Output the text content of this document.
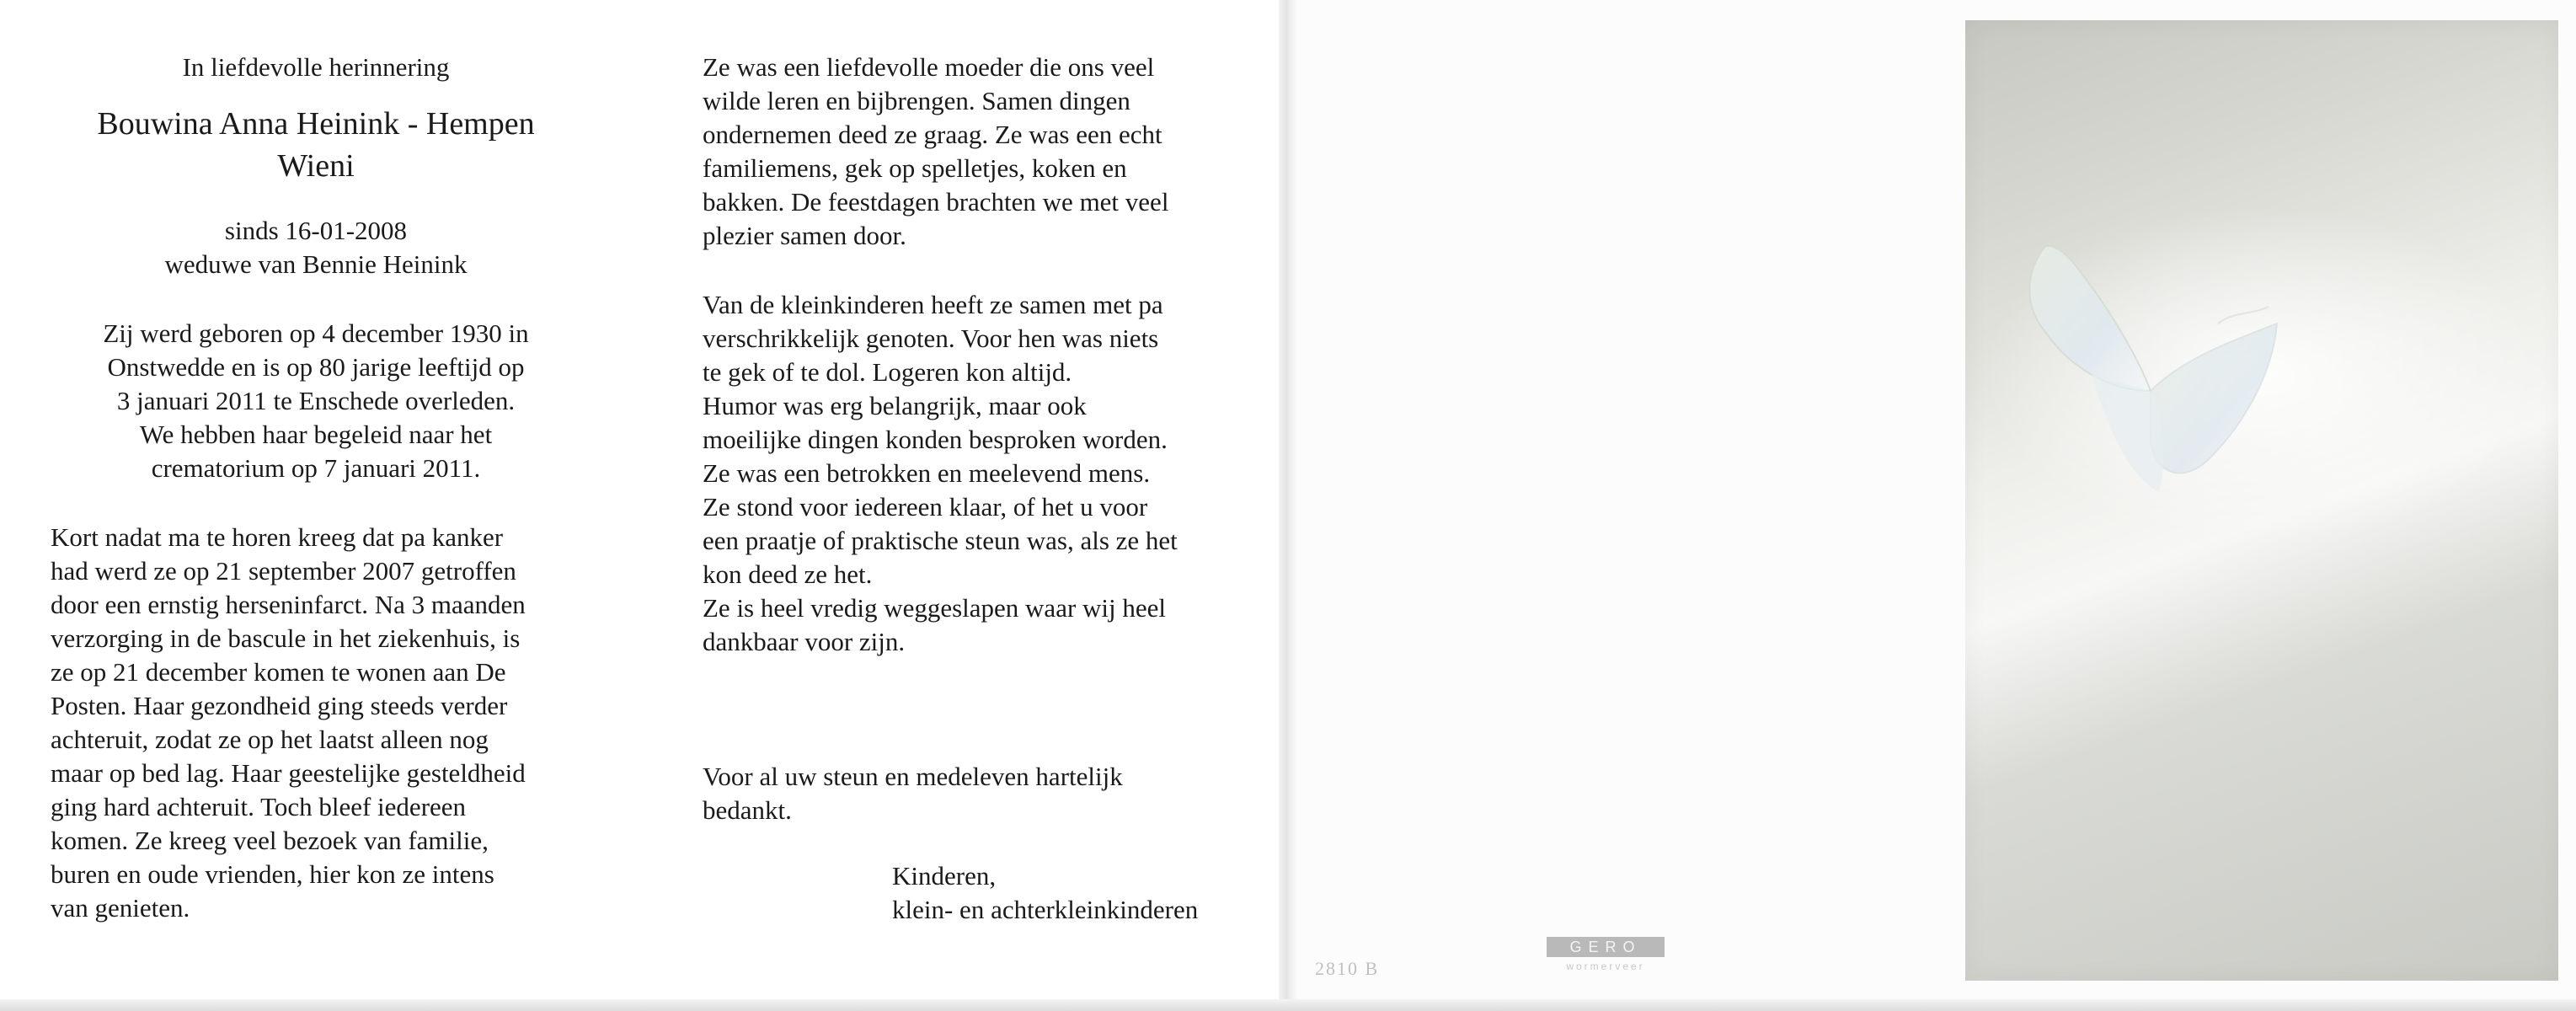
In liefdevolle herinnering
Bouwina Anna Heinink - Hempen
Wieni
sinds 16-01-2008
weduwe van Bennie Heinink
Zij werd geboren op 4 december 1930 in
Onstwedde en is op 80 jarige leeftijd op
3 januari 2011 te Enschede overleden.
We hebben haar begeleid naar het
crematorium op 7 januari 2011.
Kort nadat ma te horen kreeg dat pa kanker
had werd ze op 21 september 2007 getroffen
door een ernstig herseninfarct. Na 3 maanden
verzorging in de bascule in het ziekenhuis, is
ze op 21 december komen te wonen aan De
Posten. Haar gezondheid ging steeds verder
achteruit, zodat ze op het laatst alleen nog
maar op bed lag. Haar geestelijke gesteldheid
ging hard achteruit. Toch bleef iedereen
komen. Ze kreeg veel bezoek van familie,
buren en oude vrienden, hier kon ze intens
van genieten.
Ze was een liefdevolle moeder die ons veel
wilde leren en bijbrengen. Samen dingen
ondernemen deed ze graag. Ze was een echt
familiemens, gek op spelletjes, koken en
bakken. De feestdagen brachten we met veel
plezier samen door.
Van de kleinkinderen heeft ze samen met pa
verschrikkelijk genoten. Voor hen was niets
te gek of te dol. Logeren kon altijd.
Humor was erg belangrijk, maar ook
moeilijke dingen konden besproken worden.
Ze was een betrokken en meelevend mens.
Ze stond voor iedereen klaar, of het u voor
een praatje of praktische steun was, als ze het
kon deed ze het.
Ze is heel vredig weggeslapen waar wij heel
dankbaar voor zijn.
Voor al uw steun en medeleven hartelijk
bedankt.
Kinderen,
klein- en achterkleinkinderen
2810 B
GERO
wormerveer
